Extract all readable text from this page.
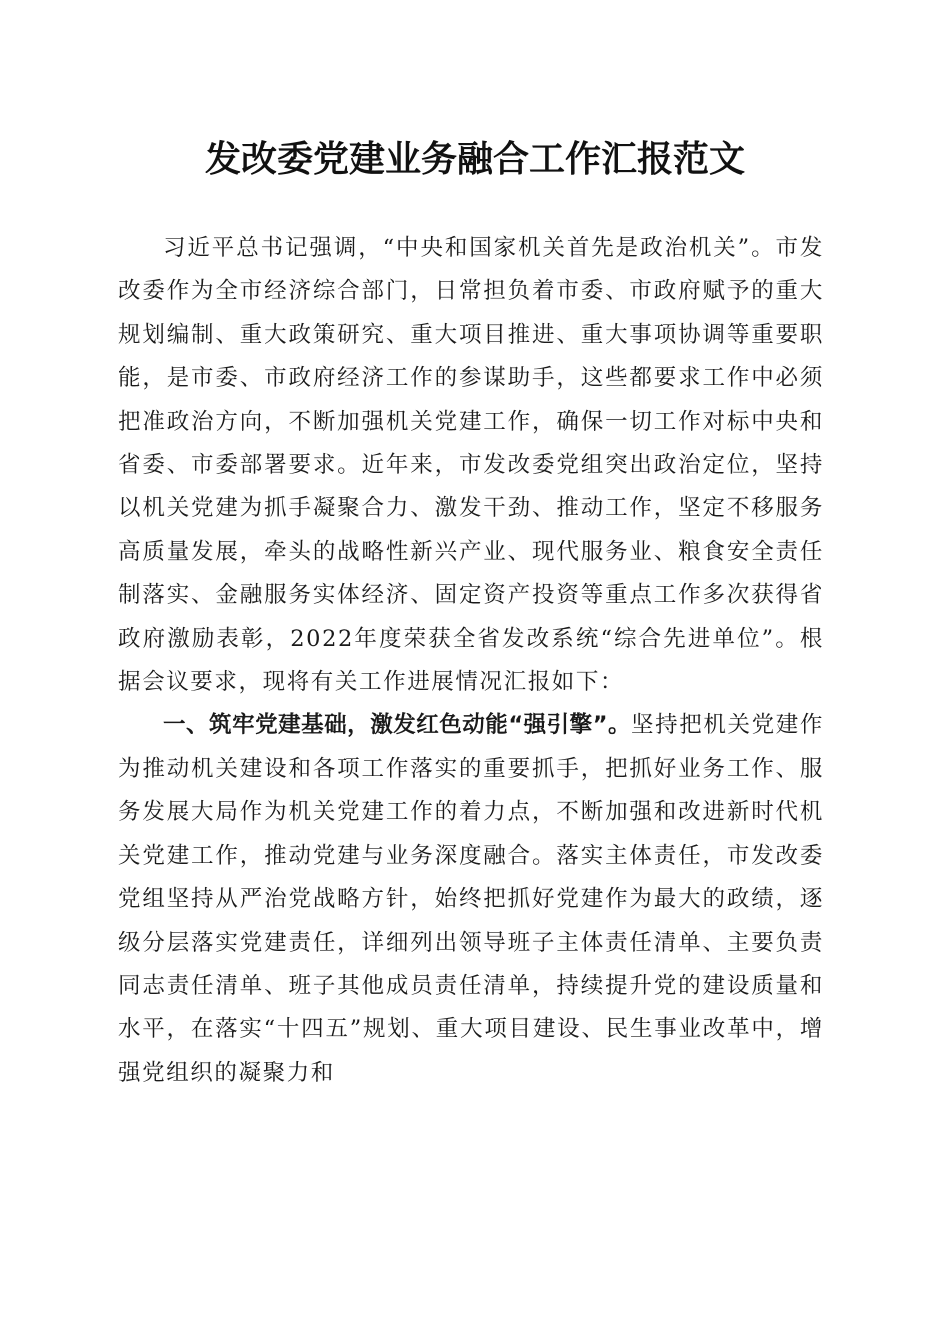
发改委党建业务融合工作汇报范文

习近平总书记强调，“中央和国家机关首先是政治机关”。市发改委作为全市经济综合部门，日常担负着市委、市政府赋予的重大规划编制、重大政策研究、重大项目推进、重大事项协调等重要职能，是市委、市政府经济工作的参谋助手，这些都要求工作中必须把准政治方向，不断加强机关党建工作，确保一切工作对标中央和省委、市委部署要求。近年来，市发改委党组突出政治定位，坚持以机关党建为抓手凝聚合力、激发干劲、推动工作，坚定不移服务高质量发展，牵头的战略性新兴产业、现代服务业、粮食安全责任制落实、金融服务实体经济、固定资产投资等重点工作多次获得省政府激励表彰，2022年度荣获全省发改系统“综合先进单位”。根据会议要求，现将有关工作进展情况汇报如下：

一、筑牢党建基础，激发红色动能“强引擎”。坚持把机关党建作为推动机关建设和各项工作落实的重要抓手，把抓好业务工作、服务发展大局作为机关党建工作的着力点，不断加强和改进新时代机关党建工作，推动党建与业务深度融合。落实主体责任，市发改委党组坚持从严治党战略方针，始终把抓好党建作为最大的政绩，逐级分层落实党建责任，详细列出领导班子主体责任清单、主要负责同志责任清单、班子其他成员责任清单，持续提升党的建设质量和水平，在落实“十四五”规划、重大项目建设、民生事业改革中，增强党组织的凝聚力和
